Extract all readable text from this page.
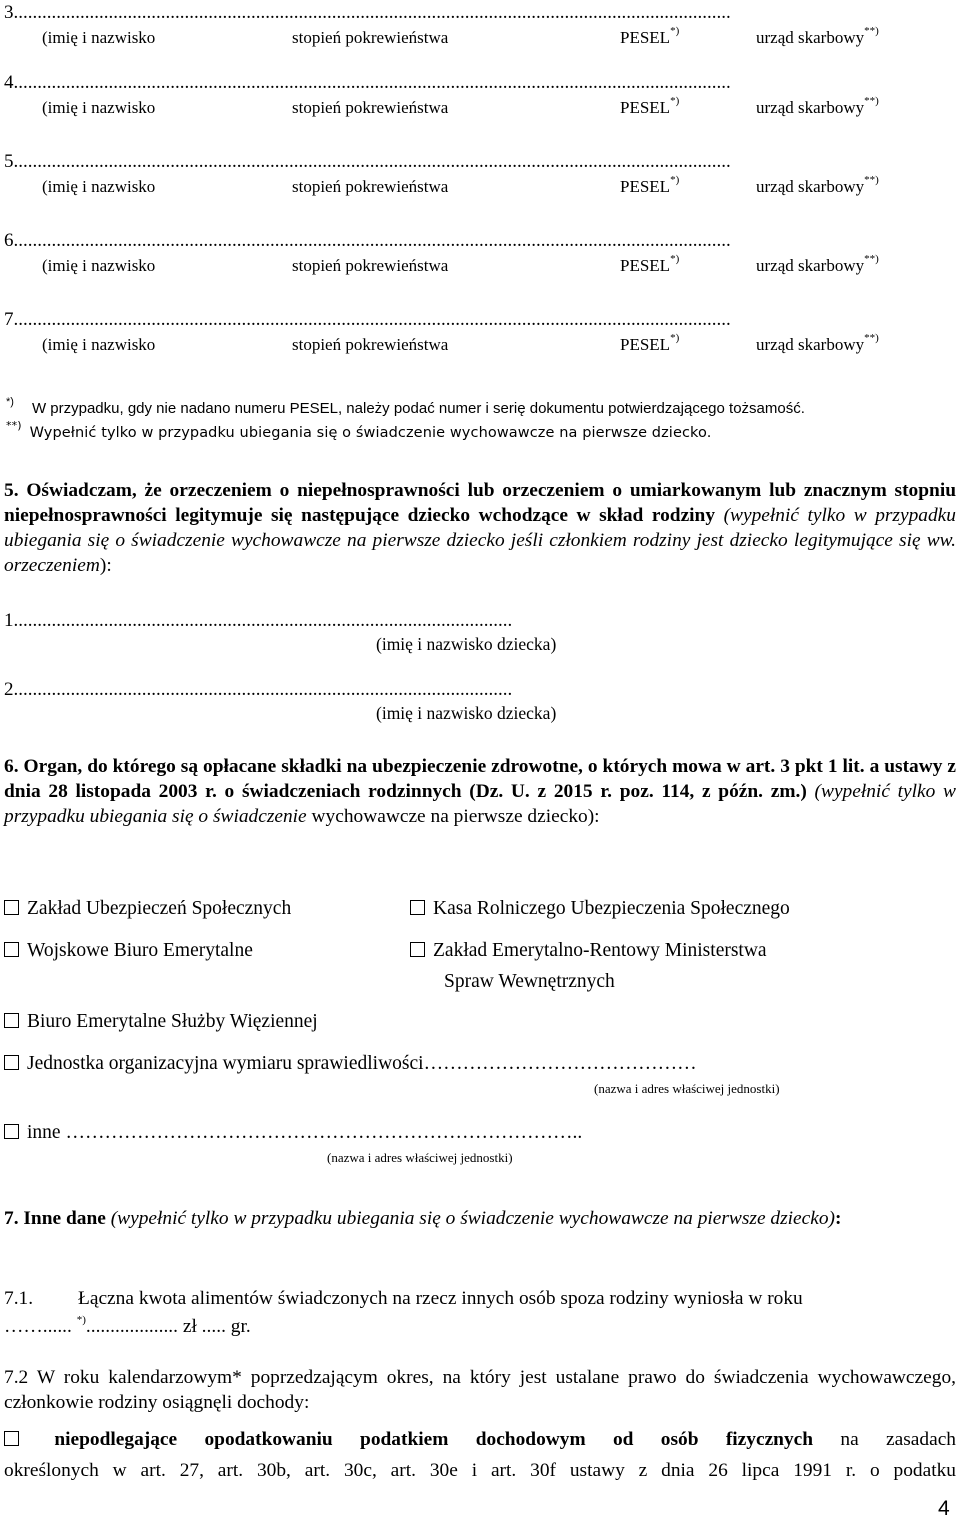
3.......................................................................................................................................................
(imię i nazwisko	stopień pokrewieństwa	PESEL*)	urząd skarbowy**)
4.......................................................................................................................................................
(imię i nazwisko	stopień pokrewieństwa	PESEL*)	urząd skarbowy**)
5.......................................................................................................................................................
(imię i nazwisko	stopień pokrewieństwa	PESEL*)	urząd skarbowy**)
6.......................................................................................................................................................
(imię i nazwisko	stopień pokrewieństwa	PESEL*)	urząd skarbowy**)
7.......................................................................................................................................................
(imię i nazwisko	stopień pokrewieństwa	PESEL*)	urząd skarbowy**)
*) W przypadku, gdy nie nadano numeru PESEL, należy podać numer i serię dokumentu potwierdzającego tożsamość.
**) Wypełnić tylko w przypadku ubiegania się o świadczenie wychowawcze na pierwsze dziecko.
5. Oświadczam, że orzeczeniem o niepełnosprawności lub orzeczeniem o umiarkowanym lub znacznym stopniu niepełnosprawności legitymuje się następujące dziecko wchodzące w skład rodziny (wypełnić tylko w przypadku ubiegania się o świadczenie wychowawcze na pierwsze dziecko jeśli członkiem rodziny jest dziecko legitymujące się ww. orzeczeniem):
1.........................................................................................................
(imię i nazwisko dziecka)
2.........................................................................................................
(imię i nazwisko dziecka)
6. Organ, do którego są opłacane składki na ubezpieczenie zdrowotne, o których mowa w art. 3 pkt 1 lit. a ustawy z dnia 28 listopada 2003 r. o świadczeniach rodzinnych (Dz. U. z 2015 r. poz. 114, z późn. zm.) (wypełnić tylko w przypadku ubiegania się o świadczenie wychowawcze na pierwsze dziecko):
Zakład Ubezpieczeń Społecznych	Kasa Rolniczego Ubezpieczenia Społecznego
Wojskowe Biuro Emerytalne	Zakład Emerytalno-Rentowy Ministerstwa
Spraw Wewnętrznych
Biuro Emerytalne Służby Więziennej
Jednostka organizacyjna wymiaru sprawiedliwości……………………………………
(nazwa i adres właściwej jednostki)
inne ……………………………………………………………………..
(nazwa i adres właściwej jednostki)
7. Inne dane (wypełnić tylko w przypadku ubiegania się o świadczenie wychowawcze na pierwsze dziecko):
7.1. Łączna kwota alimentów świadczonych na rzecz innych osób spoza rodziny wyniosła w roku
……...... *)................... zł ..... gr.
7.2 W roku kalendarzowym* poprzedzającym okres, na który jest ustalane prawo do świadczenia wychowawczego, członkowie rodziny osiągnęli dochody:
niepodlegające opodatkowaniu podatkiem dochodowym od osób fizycznych na zasadach
określonych w art. 27, art. 30b, art. 30c, art. 30e i art. 30f ustawy z dnia 26 lipca 1991 r. o podatku
4
